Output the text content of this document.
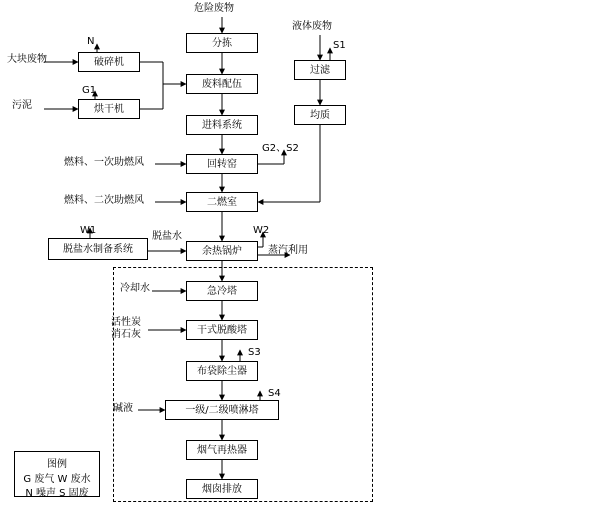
分拣
废料配伍
进料系统
回转窑
二燃室
余热锅炉
急冷塔
干式脱酸塔
布袋除尘器
一级/二级喷淋塔
烟气再热器
烟囱排放
破碎机
烘干机
脱盐水制备系统
过滤
均质
危险废物
液体废物
大块废物
污泥
N
G1
S1
G2、S2
燃料、一次助燃风
燃料、二次助燃风
W1	W2
脱盐水
蒸汽利用
冷却水
活性炭
消石灰
S3
S4
碱液
图例
G 废气 W 废水
N 噪声 S 固废
